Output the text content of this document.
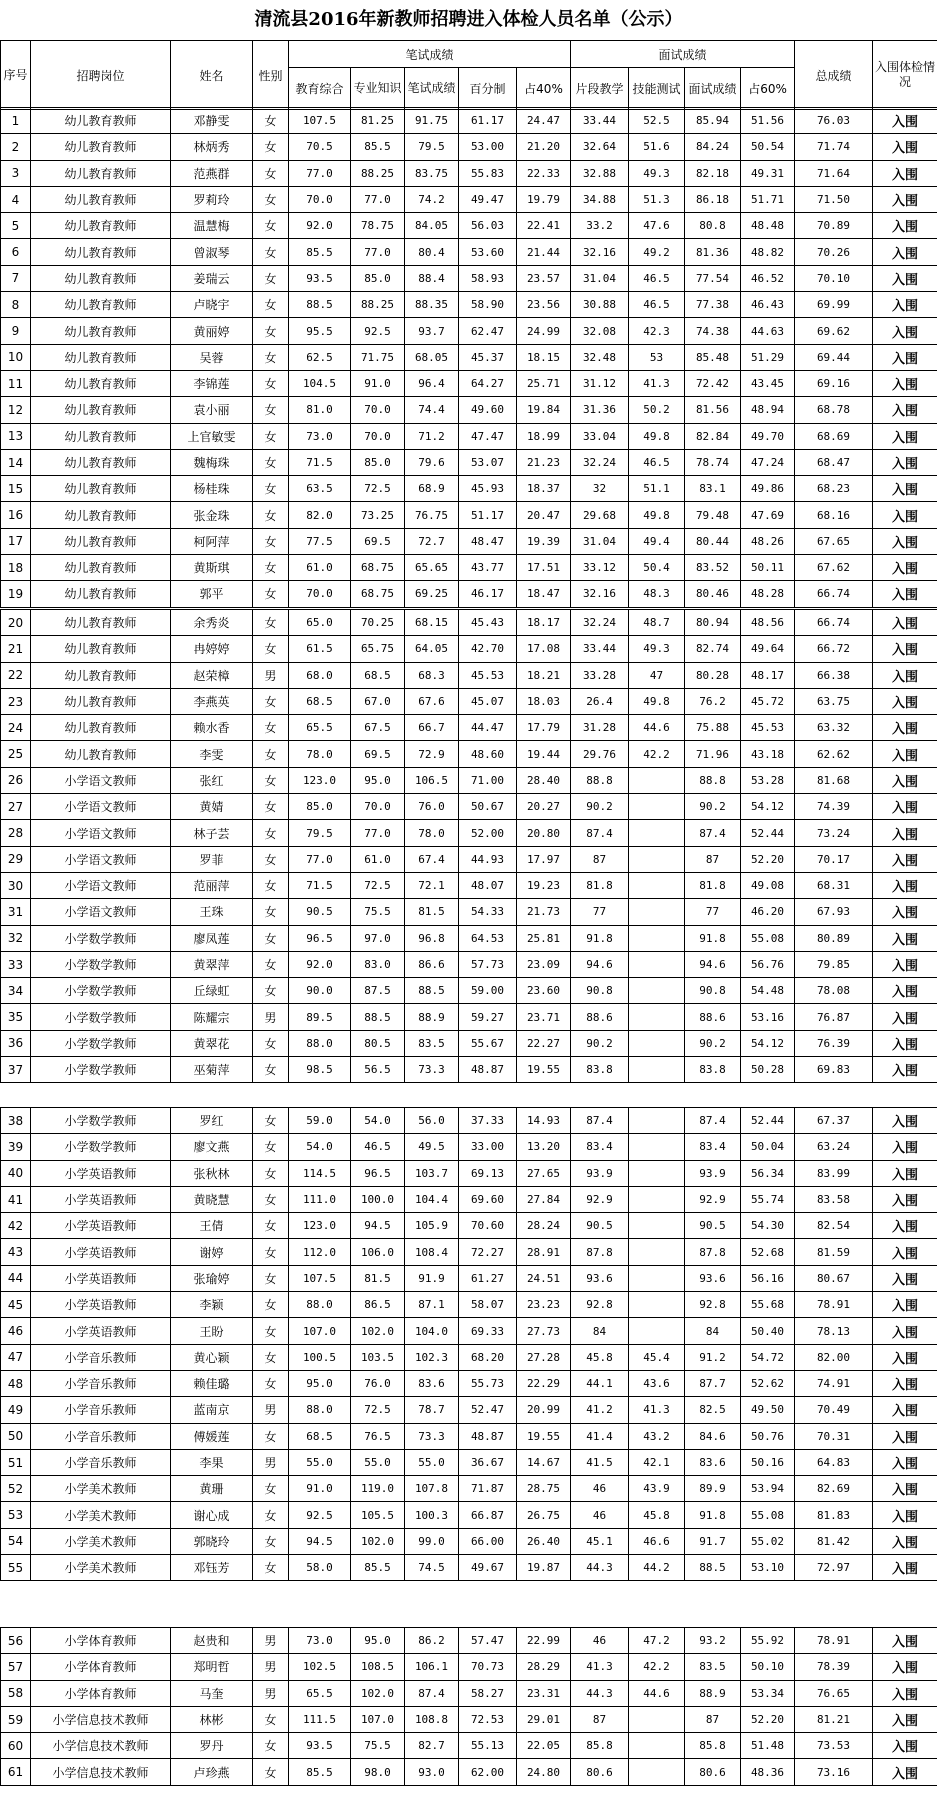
清流县2016年新教师招聘进入体检人员名单（公示）
序号	招聘岗位	姓名	性别	笔试成绩					面试成绩				总成绩	入围体检情况
				教育综合	专业知识	笔试成绩	百分制	占40%	片段教学	技能测试	面试成绩	占60%		
1	幼儿教育教师	邓静雯	女	107.5	81.25	91.75	61.17	24.47	33.44	52.5	85.94	51.56	76.03	入围
2	幼儿教育教师	林炳秀	女	70.5	85.5	79.5	53.00	21.20	32.64	51.6	84.24	50.54	71.74	入围
3	幼儿教育教师	范燕群	女	77.0	88.25	83.75	55.83	22.33	32.88	49.3	82.18	49.31	71.64	入围
4	幼儿教育教师	罗莉玲	女	70.0	77.0	74.2	49.47	19.79	34.88	51.3	86.18	51.71	71.50	入围
5	幼儿教育教师	温慧梅	女	92.0	78.75	84.05	56.03	22.41	33.2	47.6	80.8	48.48	70.89	入围
6	幼儿教育教师	曾淑琴	女	85.5	77.0	80.4	53.60	21.44	32.16	49.2	81.36	48.82	70.26	入围
7	幼儿教育教师	姜瑞云	女	93.5	85.0	88.4	58.93	23.57	31.04	46.5	77.54	46.52	70.10	入围
8	幼儿教育教师	卢晓宇	女	88.5	88.25	88.35	58.90	23.56	30.88	46.5	77.38	46.43	69.99	入围
9	幼儿教育教师	黄丽婷	女	95.5	92.5	93.7	62.47	24.99	32.08	42.3	74.38	44.63	69.62	入围
10	幼儿教育教师	吴蓉	女	62.5	71.75	68.05	45.37	18.15	32.48	53	85.48	51.29	69.44	入围
11	幼儿教育教师	李锦莲	女	104.5	91.0	96.4	64.27	25.71	31.12	41.3	72.42	43.45	69.16	入围
12	幼儿教育教师	袁小丽	女	81.0	70.0	74.4	49.60	19.84	31.36	50.2	81.56	48.94	68.78	入围
13	幼儿教育教师	上官敏雯	女	73.0	70.0	71.2	47.47	18.99	33.04	49.8	82.84	49.70	68.69	入围
14	幼儿教育教师	魏梅珠	女	71.5	85.0	79.6	53.07	21.23	32.24	46.5	78.74	47.24	68.47	入围
15	幼儿教育教师	杨桂珠	女	63.5	72.5	68.9	45.93	18.37	32	51.1	83.1	49.86	68.23	入围
16	幼儿教育教师	张金珠	女	82.0	73.25	76.75	51.17	20.47	29.68	49.8	79.48	47.69	68.16	入围
17	幼儿教育教师	柯阿萍	女	77.5	69.5	72.7	48.47	19.39	31.04	49.4	80.44	48.26	67.65	入围
18	幼儿教育教师	黄斯琪	女	61.0	68.75	65.65	43.77	17.51	33.12	50.4	83.52	50.11	67.62	入围
19	幼儿教育教师	郭平	女	70.0	68.75	69.25	46.17	18.47	32.16	48.3	80.46	48.28	66.74	入围
20	幼儿教育教师	余秀炎	女	65.0	70.25	68.15	45.43	18.17	32.24	48.7	80.94	48.56	66.74	入围
21	幼儿教育教师	冉婷婷	女	61.5	65.75	64.05	42.70	17.08	33.44	49.3	82.74	49.64	66.72	入围
22	幼儿教育教师	赵荣樟	男	68.0	68.5	68.3	45.53	18.21	33.28	47	80.28	48.17	66.38	入围
23	幼儿教育教师	李燕英	女	68.5	67.0	67.6	45.07	18.03	26.4	49.8	76.2	45.72	63.75	入围
24	幼儿教育教师	赖水香	女	65.5	67.5	66.7	44.47	17.79	31.28	44.6	75.88	45.53	63.32	入围
25	幼儿教育教师	李雯	女	78.0	69.5	72.9	48.60	19.44	29.76	42.2	71.96	43.18	62.62	入围
26	小学语文教师	张红	女	123.0	95.0	106.5	71.00	28.40	88.8		88.8	53.28	81.68	入围
27	小学语文教师	黄婧	女	85.0	70.0	76.0	50.67	20.27	90.2		90.2	54.12	74.39	入围
28	小学语文教师	林子芸	女	79.5	77.0	78.0	52.00	20.80	87.4		87.4	52.44	73.24	入围
29	小学语文教师	罗菲	女	77.0	61.0	67.4	44.93	17.97	87		87	52.20	70.17	入围
30	小学语文教师	范丽萍	女	71.5	72.5	72.1	48.07	19.23	81.8		81.8	49.08	68.31	入围
31	小学语文教师	王珠	女	90.5	75.5	81.5	54.33	21.73	77		77	46.20	67.93	入围
32	小学数学教师	廖凤莲	女	96.5	97.0	96.8	64.53	25.81	91.8		91.8	55.08	80.89	入围
33	小学数学教师	黄翠萍	女	92.0	83.0	86.6	57.73	23.09	94.6		94.6	56.76	79.85	入围
34	小学数学教师	丘绿虹	女	90.0	87.5	88.5	59.00	23.60	90.8		90.8	54.48	78.08	入围
35	小学数学教师	陈耀宗	男	89.5	88.5	88.9	59.27	23.71	88.6		88.6	53.16	76.87	入围
36	小学数学教师	黄翠花	女	88.0	80.5	83.5	55.67	22.27	90.2		90.2	54.12	76.39	入围
37	小学数学教师	巫菊萍	女	98.5	56.5	73.3	48.87	19.55	83.8		83.8	50.28	69.83	入围
38	小学数学教师	罗红	女	59.0	54.0	56.0	37.33	14.93	87.4		87.4	52.44	67.37	入围
39	小学数学教师	廖文燕	女	54.0	46.5	49.5	33.00	13.20	83.4		83.4	50.04	63.24	入围
40	小学英语教师	张秋林	女	114.5	96.5	103.7	69.13	27.65	93.9		93.9	56.34	83.99	入围
41	小学英语教师	黄晓慧	女	111.0	100.0	104.4	69.60	27.84	92.9		92.9	55.74	83.58	入围
42	小学英语教师	王倩	女	123.0	94.5	105.9	70.60	28.24	90.5		90.5	54.30	82.54	入围
43	小学英语教师	谢婷	女	112.0	106.0	108.4	72.27	28.91	87.8		87.8	52.68	81.59	入围
44	小学英语教师	张瑜婷	女	107.5	81.5	91.9	61.27	24.51	93.6		93.6	56.16	80.67	入围
45	小学英语教师	李颖	女	88.0	86.5	87.1	58.07	23.23	92.8		92.8	55.68	78.91	入围
46	小学英语教师	王盼	女	107.0	102.0	104.0	69.33	27.73	84		84	50.40	78.13	入围
47	小学音乐教师	黄心颖	女	100.5	103.5	102.3	68.20	27.28	45.8	45.4	91.2	54.72	82.00	入围
48	小学音乐教师	赖佳璐	女	95.0	76.0	83.6	55.73	22.29	44.1	43.6	87.7	52.62	74.91	入围
49	小学音乐教师	蓝南京	男	88.0	72.5	78.7	52.47	20.99	41.2	41.3	82.5	49.50	70.49	入围
50	小学音乐教师	傅媛莲	女	68.5	76.5	73.3	48.87	19.55	41.4	43.2	84.6	50.76	70.31	入围
51	小学音乐教师	李果	男	55.0	55.0	55.0	36.67	14.67	41.5	42.1	83.6	50.16	64.83	入围
52	小学美术教师	黄珊	女	91.0	119.0	107.8	71.87	28.75	46	43.9	89.9	53.94	82.69	入围
53	小学美术教师	谢心成	女	92.5	105.5	100.3	66.87	26.75	46	45.8	91.8	55.08	81.83	入围
54	小学美术教师	郭晓玲	女	94.5	102.0	99.0	66.00	26.40	45.1	46.6	91.7	55.02	81.42	入围
55	小学美术教师	邓钰芳	女	58.0	85.5	74.5	49.67	19.87	44.3	44.2	88.5	53.10	72.97	入围
56	小学体育教师	赵贵和	男	73.0	95.0	86.2	57.47	22.99	46	47.2	93.2	55.92	78.91	入围
57	小学体育教师	郑明哲	男	102.5	108.5	106.1	70.73	28.29	41.3	42.2	83.5	50.10	78.39	入围
58	小学体育教师	马奎	男	65.5	102.0	87.4	58.27	23.31	44.3	44.6	88.9	53.34	76.65	入围
59	小学信息技术教师	林彬	女	111.5	107.0	108.8	72.53	29.01	87		87	52.20	81.21	入围
60	小学信息技术教师	罗丹	女	93.5	75.5	82.7	55.13	22.05	85.8		85.8	51.48	73.53	入围
61	小学信息技术教师	卢珍燕	女	85.5	98.0	93.0	62.00	24.80	80.6		80.6	48.36	73.16	入围
